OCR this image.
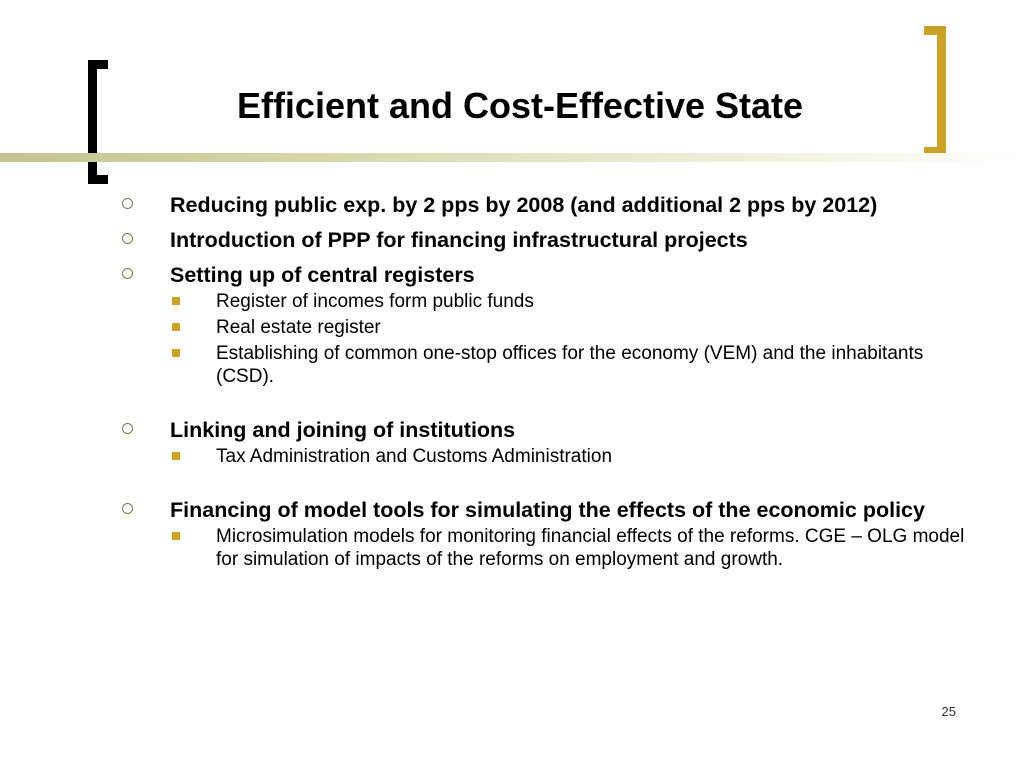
Efficient and Cost-Effective State
Reducing public exp. by 2 pps by 2008 (and additional 2 pps by 2012)
Introduction of PPP for financing infrastructural projects
Setting up of central registers
Register of incomes form public funds
Real estate register
Establishing of common one-stop offices for the economy (VEM) and the inhabitants (CSD).
Linking and joining of institutions
Tax Administration and Customs Administration
Financing of model tools for simulating the effects of the economic policy
Microsimulation models for monitoring financial effects of the reforms. CGE – OLG model for simulation of impacts of the reforms on employment and growth.
25
